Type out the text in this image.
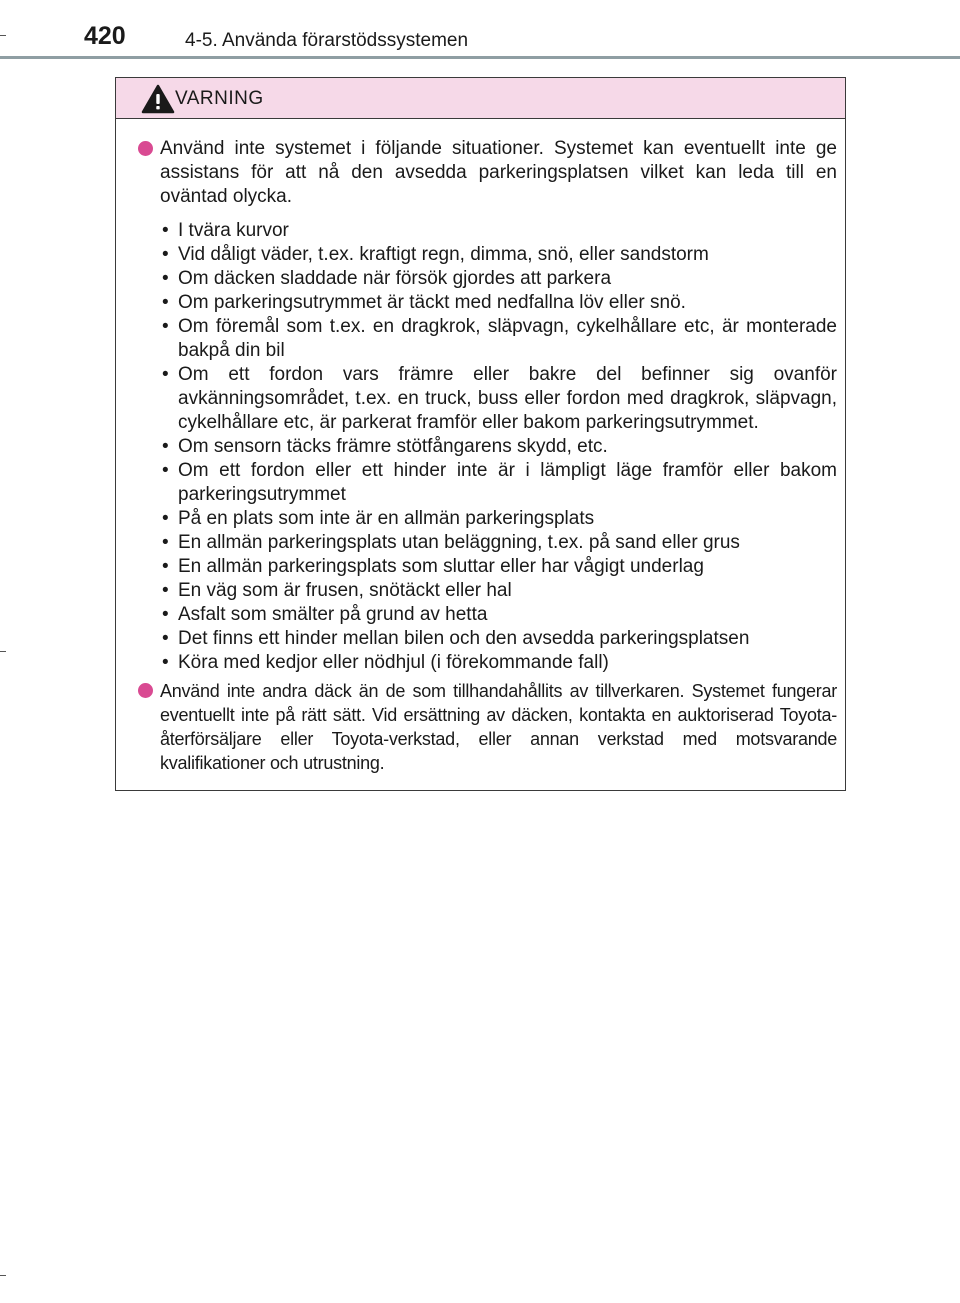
420	4-5. Använda förarstödssystemen
VARNING
Använd inte systemet i följande situationer. Systemet kan eventuellt inte ge assistans för att nå den avsedda parkeringsplatsen vilket kan leda till en oväntad olycka.
• I tvära kurvor
• Vid dåligt väder, t.ex. kraftigt regn, dimma, snö, eller sandstorm
• Om däcken sladdade när försök gjordes att parkera
• Om parkeringsutrymmet är täckt med nedfallna löv eller snö.
• Om föremål som t.ex. en dragkrok, släpvagn, cykelhållare etc, är monterade bakpå din bil
• Om ett fordon vars främre eller bakre del befinner sig ovanför avkänningsområdet, t.ex. en truck, buss eller fordon med dragkrok, släpvagn, cykelhållare etc, är parkerat framför eller bakom parkeringsutrymmet.
• Om sensorn täcks främre stötfångarens skydd, etc.
• Om ett fordon eller ett hinder inte är i lämpligt läge framför eller bakom parkeringsutrymmet
• På en plats som inte är en allmän parkeringsplats
• En allmän parkeringsplats utan beläggning, t.ex. på sand eller grus
• En allmän parkeringsplats som sluttar eller har vågigt underlag
• En väg som är frusen, snötäckt eller hal
• Asfalt som smälter på grund av hetta
• Det finns ett hinder mellan bilen och den avsedda parkeringsplatsen
• Köra med kedjor eller nödhjul (i förekommande fall)
Använd inte andra däck än de som tillhandahållits av tillverkaren. Systemet fungerar eventuellt inte på rätt sätt. Vid ersättning av däcken, kontakta en auktoriserad Toyota-återförsäljare eller Toyota-verkstad, eller annan verkstad med motsvarande kvalifikationer och utrustning.
